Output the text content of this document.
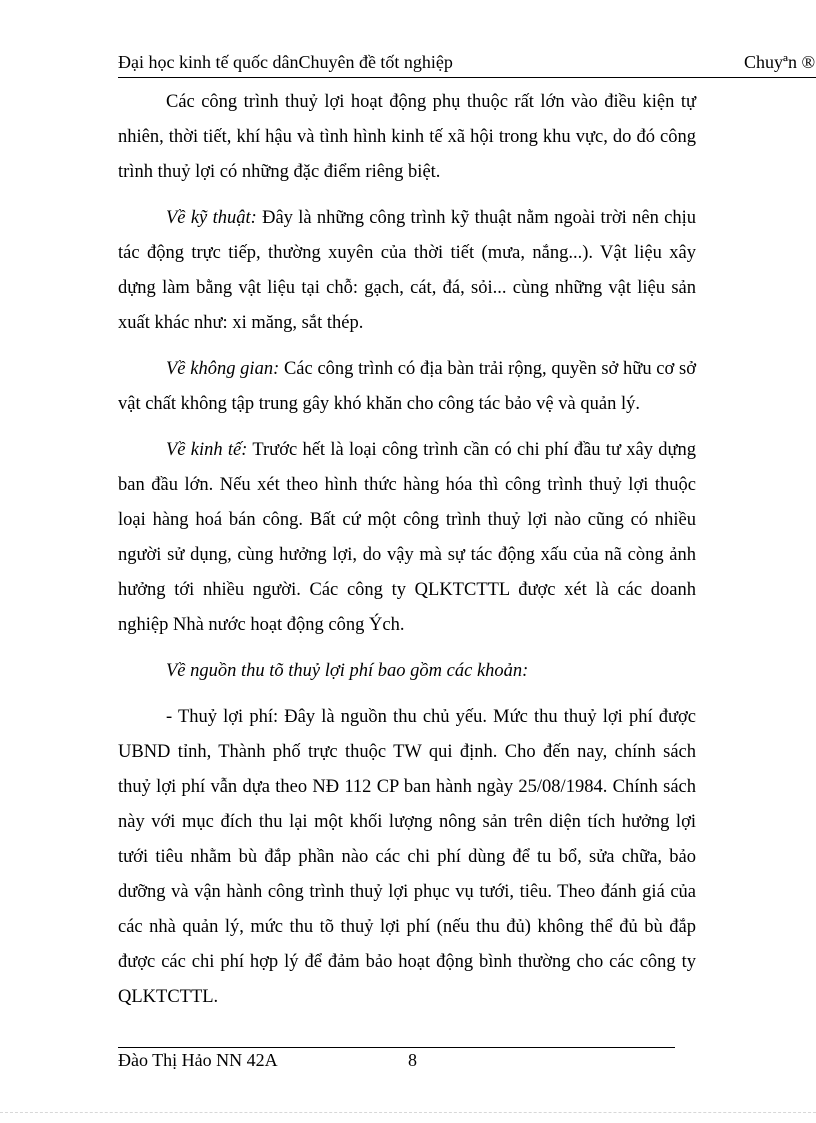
Đại học kinh tế quốc dânChuyên đề tốt nghiệp	Chuyªn ®

Các công trình thuỷ lợi hoạt động phụ thuộc rất lớn vào điều kiện tự nhiên, thời tiết, khí hậu và tình hình kinh tế xã hội trong khu vực, do đó công trình thuỷ lợi có những đặc điểm riêng biệt.

Về kỹ thuật: Đây là những công trình kỹ thuật nằm ngoài trời nên chịu tác động trực tiếp, thường xuyên của thời tiết (mưa, nắng...). Vật liệu xây dựng làm bằng vật liệu tại chỗ: gạch, cát, đá, sỏi... cùng những vật liệu sản xuất khác như: xi măng, sắt thép.

Về không gian: Các công trình có địa bàn trải rộng, quyền sở hữu cơ sở vật chất không tập trung gây khó khăn cho công tác bảo vệ và quản lý.

Về kinh tế: Trước hết là loại công trình cần có chi phí đầu tư xây dựng ban đầu lớn. Nếu xét theo hình thức hàng hóa thì công trình thuỷ lợi thuộc loại hàng hoá bán công. Bất cứ một công trình thuỷ lợi nào cũng có nhiều người sử dụng, cùng hưởng lợi, do vậy mà sự tác động xấu của nã còng ảnh hưởng tới nhiều người. Các công ty QLKTCTTL được xét là các doanh nghiệp Nhà nước hoạt động công Ých.

Về nguồn thu tõ thuỷ lợi phí bao gồm các khoản:

- Thuỷ lợi phí: Đây là nguồn thu chủ yếu. Mức thu thuỷ lợi phí được UBND tỉnh, Thành phố trực thuộc TW qui định. Cho đến nay, chính sách thuỷ lợi phí vẫn dựa theo NĐ 112 CP ban hành ngày 25/08/1984. Chính sách này với mục đích thu lại một khối lượng nông sản trên diện tích hưởng lợi tưới tiêu nhằm bù đắp phần nào các chi phí dùng để tu bổ, sửa chữa, bảo dưỡng và vận hành công trình thuỷ lợi phục vụ tưới, tiêu. Theo đánh giá của các nhà quản lý, mức thu tõ thuỷ lợi phí (nếu thu đủ) không thể đủ bù đắp được các chi phí hợp lý để đảm bảo hoạt động bình thường cho các công ty QLKTCTTL.

Đào Thị Hảo NN 42A	8
